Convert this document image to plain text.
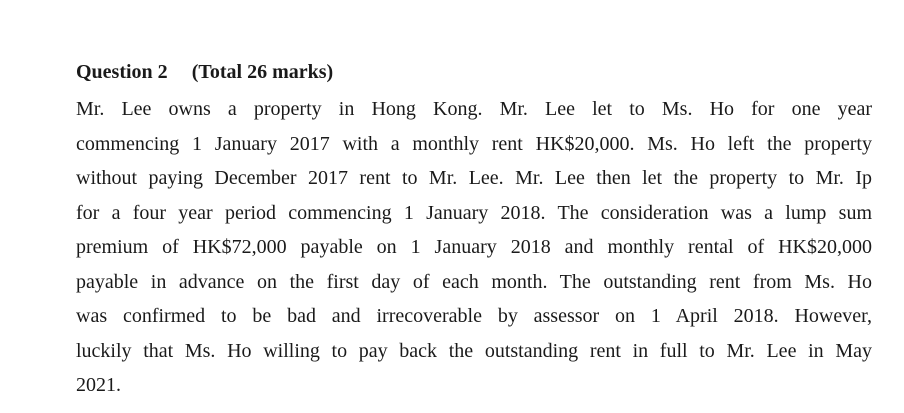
Question 2 (Total 26 marks)
Mr. Lee owns a property in Hong Kong. Mr. Lee let to Ms. Ho for one year
commencing 1 January 2017 with a monthly rent HK$20,000. Ms. Ho left the property
without paying December 2017 rent to Mr. Lee. Mr. Lee then let the property to Mr. Ip
for a four year period commencing 1 January 2018. The consideration was a lump sum
premium of HK$72,000 payable on 1 January 2018 and monthly rental of HK$20,000
payable in advance on the first day of each month. The outstanding rent from Ms. Ho
was confirmed to be bad and irrecoverable by assessor on 1 April 2018. However,
luckily that Ms. Ho willing to pay back the outstanding rent in full to Mr. Lee in May
2021.
